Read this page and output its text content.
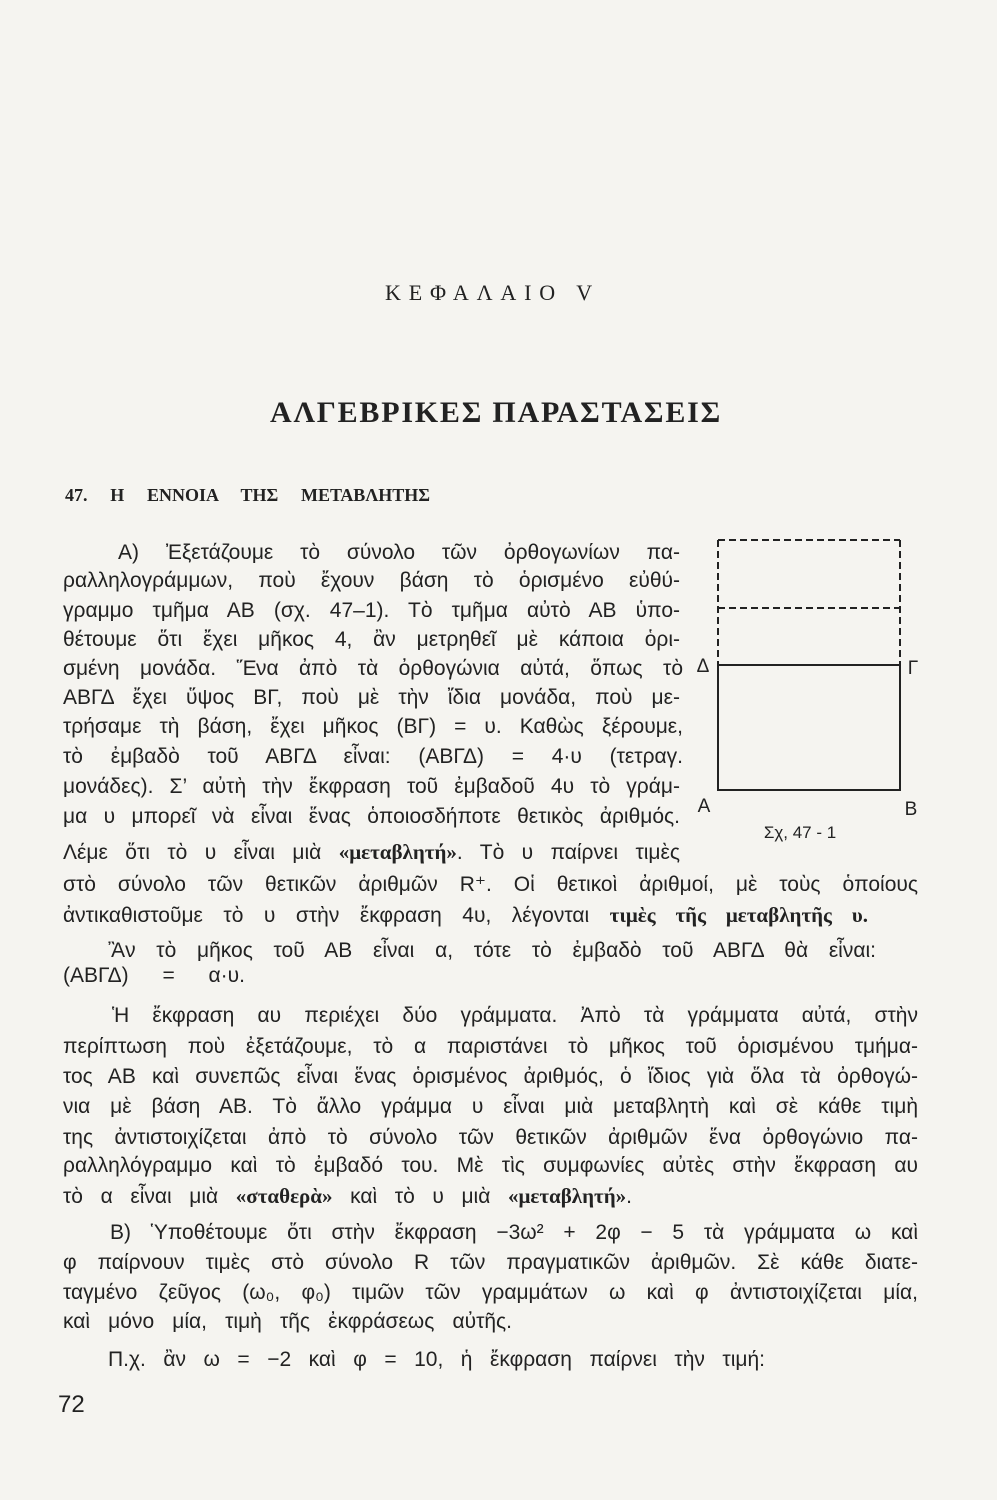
ΚΕΦΑΛΑΙΟ V
ΑΛΓΕΒΡΙΚΕΣ ΠΑΡΑΣΤΑΣΕΙΣ
47. Η ΕΝΝΟΙΑ ΤΗΣ ΜΕΤΑΒΛΗΤΗΣ
Α) Ἐξετάζουμε τὸ σύνολο τῶν ὀρθογωνίων πα-
ραλληλογράμμων, ποὺ ἔχουν βάση τὸ ὁρισμένο εὐθύ-
γραμμο τμῆμα ΑΒ (σχ. 47–1). Τὸ τμῆμα αὐτὸ ΑΒ ὑπο-
θέτουμε ὅτι ἔχει μῆκος 4, ἂν μετρηθεῖ μὲ κάποια ὁρι-
σμένη μονάδα. Ἕνα ἀπὸ τὰ ὀρθογώνια αὐτά, ὅπως τὸ
ΑΒΓΔ ἔχει ὕψος ΒΓ, ποὺ μὲ τὴν ἴδια μονάδα, ποὺ με-
τρήσαμε τὴ βάση, ἔχει μῆκος (ΒΓ) = υ. Καθὼς ξέρουμε,
τὸ ἐμβαδὸ τοῦ ΑΒΓΔ εἶναι: (ΑΒΓΔ) = 4·υ (τετραγ.
μονάδες). Σ’ αὐτὴ τὴν ἔκφραση τοῦ ἐμβαδοῦ 4υ τὸ γράμ-
μα υ μπορεῖ νὰ εἶναι ἕνας ὁποιοσδήποτε θετικὸς ἀριθμός.
Λέμε ὅτι τὸ υ εἶναι μιὰ «μεταβλητή». Τὸ υ παίρνει τιμὲς
στὸ σύνολο τῶν θετικῶν ἀριθμῶν R⁺. Οἱ θετικοὶ ἀριθμοί, μὲ τοὺς ὁποίους
ἀντικαθιστοῦμε τὸ υ στὴν ἔκφραση 4υ, λέγονται τιμὲς τῆς μεταβλητῆς υ.
Ἂν τὸ μῆκος τοῦ ΑΒ εἶναι α, τότε τὸ ἐμβαδὸ τοῦ ΑΒΓΔ θὰ εἶναι:
(ΑΒΓΔ) = α·υ.
Ἡ ἔκφραση αυ περιέχει δύο γράμματα. Ἀπὸ τὰ γράμματα αὐτά, στὴν
περίπτωση ποὺ ἐξετάζουμε, τὸ α παριστάνει τὸ μῆκος τοῦ ὁρισμένου τμήμα-
τος ΑΒ καὶ συνεπῶς εἶναι ἕνας ὁρισμένος ἀριθμός, ὁ ἴδιος γιὰ ὅλα τὰ ὀρθογώ-
νια μὲ βάση ΑΒ. Τὸ ἄλλο γράμμα υ εἶναι μιὰ μεταβλητὴ καὶ σὲ κάθε τιμὴ
της ἀντιστοιχίζεται ἀπὸ τὸ σύνολο τῶν θετικῶν ἀριθμῶν ἕνα ὀρθογώνιο πα-
ραλληλόγραμμο καὶ τὸ ἐμβαδό του. Μὲ τὶς συμφωνίες αὐτὲς στὴν ἔκφραση αυ
τὸ α εἶναι μιὰ «σταθερὰ» καὶ τὸ υ μιὰ «μεταβλητή».
Β) Ὑποθέτουμε ὅτι στὴν ἔκφραση −3ω² + 2φ − 5 τὰ γράμματα ω καὶ
φ παίρνουν τιμὲς στὸ σύνολο R τῶν πραγματικῶν ἀριθμῶν. Σὲ κάθε διατε-
ταγμένο ζεῦγος (ω₀, φ₀) τιμῶν τῶν γραμμάτων ω καὶ φ ἀντιστοιχίζεται μία,
καὶ μόνο μία, τιμὴ τῆς ἐκφράσεως αὐτῆς.
Π.χ. ἂν ω = −2 καὶ φ = 10, ἡ ἔκφραση παίρνει τὴν τιμή:
72
Δ	Γ
Α	Β
Σχ, 47 - 1
